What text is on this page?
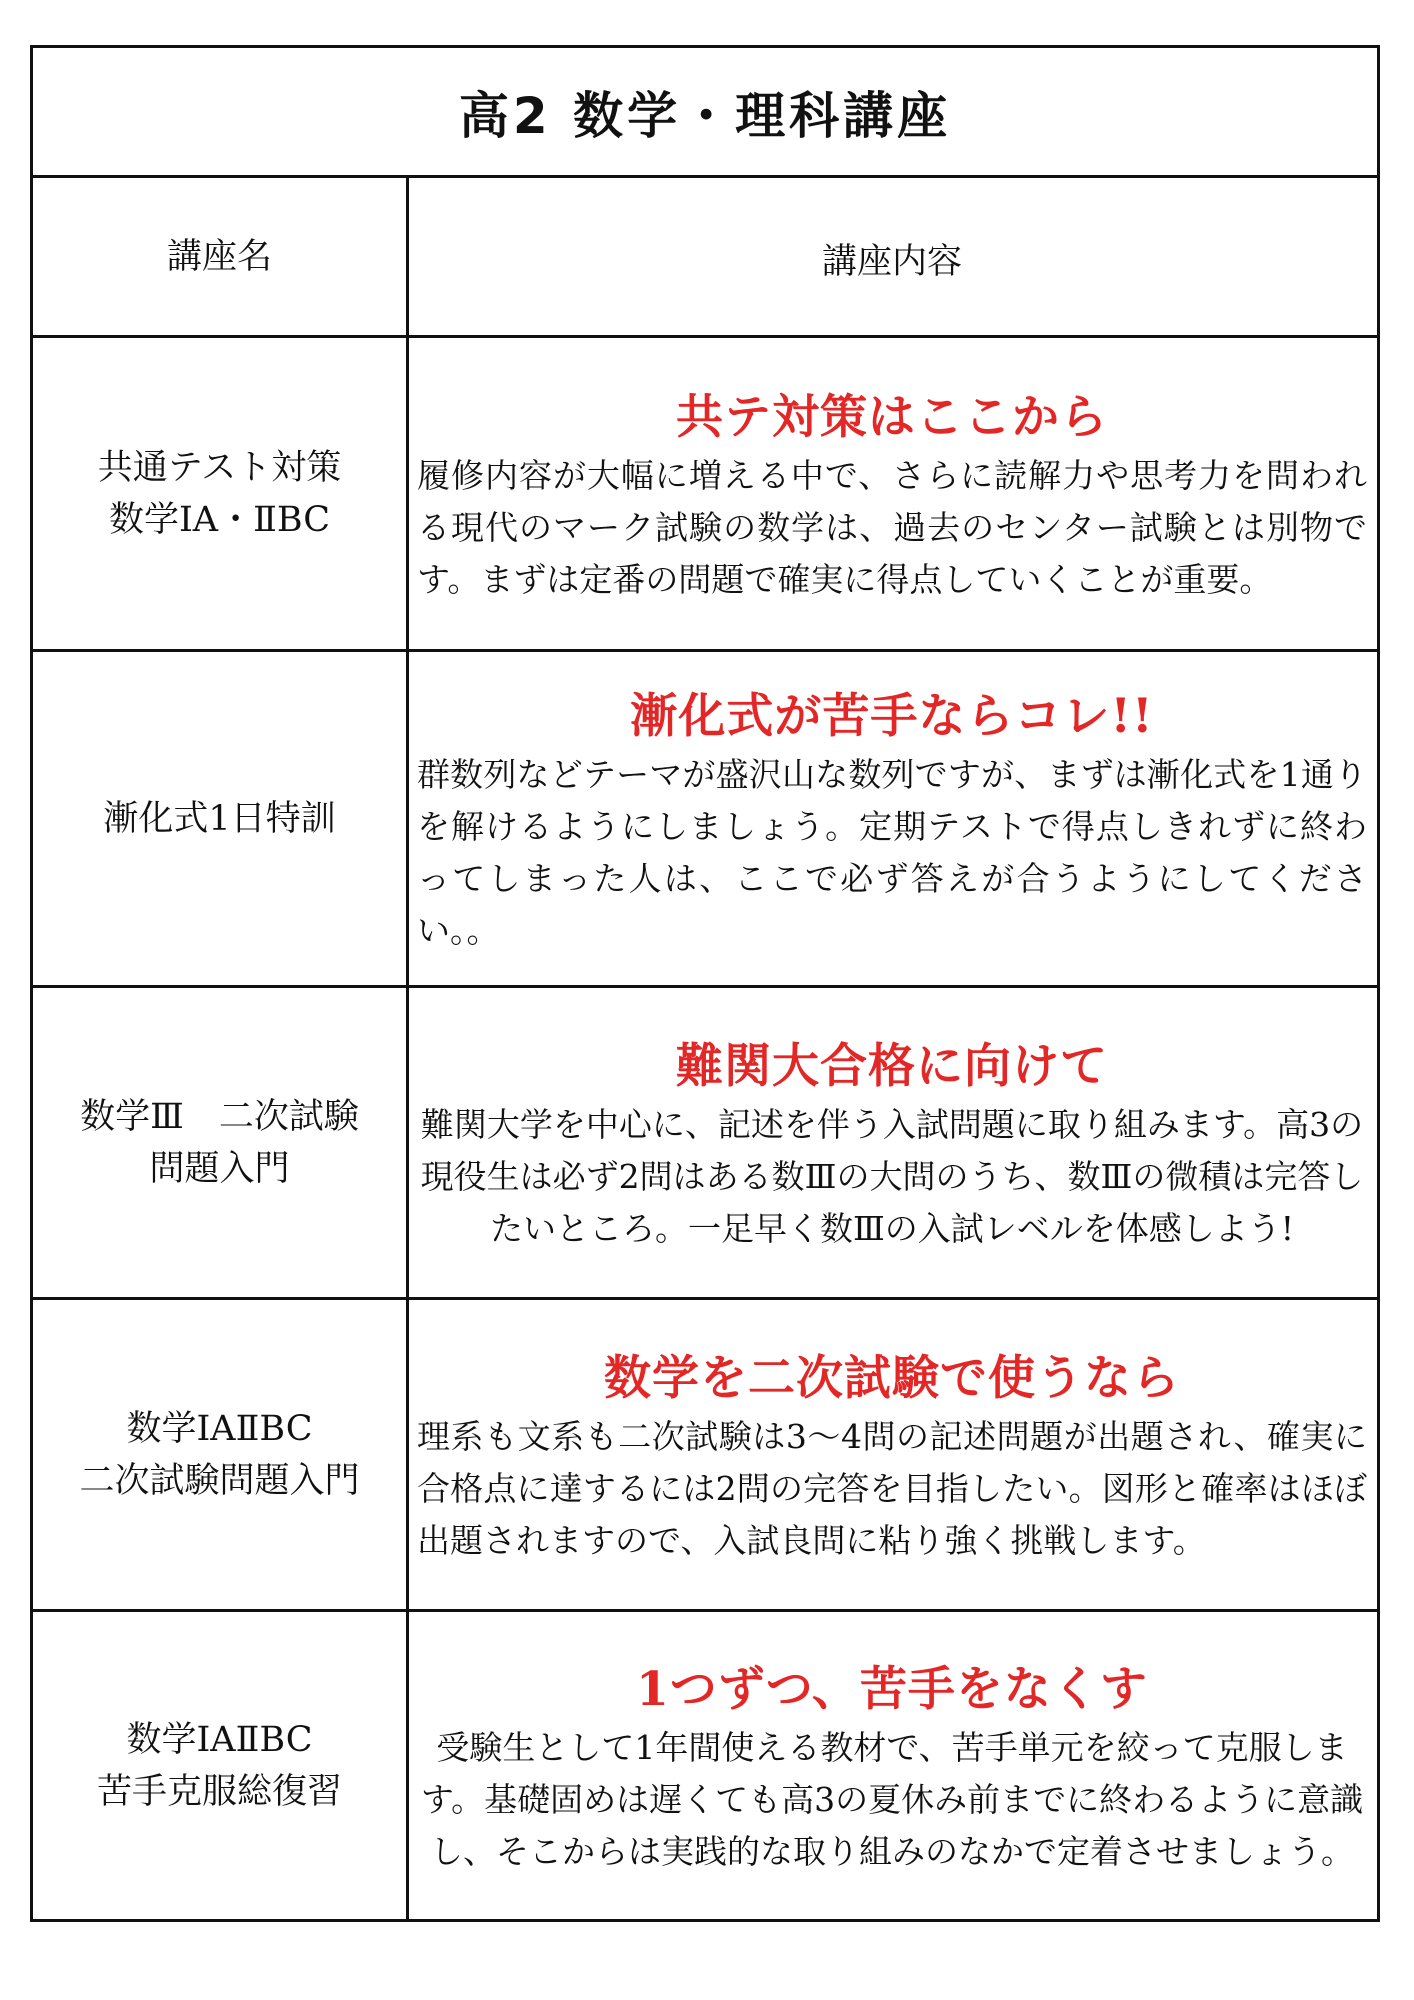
高2 数学・理科講座
講座名	講座内容
共通テスト対策
数学ⅠA・ⅡBC
共テ対策はここから
履修内容が大幅に増える中で、さらに読解力や思考力を問われる現代のマーク試験の数学は、過去のセンター試験とは別物です。まずは定番の問題で確実に得点していくことが重要。
漸化式1日特訓
漸化式が苦手ならコレ!!
群数列などテーマが盛沢山な数列ですが、まずは漸化式を1通りを解けるようにしましょう。定期テストで得点しきれずに終わってしまった人は、ここで必ず答えが合うようにしてください。。
数学Ⅲ　二次試験
問題入門
難関大合格に向けて
難関大学を中心に、記述を伴う入試問題に取り組みます。高3の現役生は必ず2問はある数Ⅲの大問のうち、数Ⅲの微積は完答したいところ。一足早く数Ⅲの入試レベルを体感しよう!
数学ⅠAⅡBC
二次試験問題入門
数学を二次試験で使うなら
理系も文系も二次試験は3～4問の記述問題が出題され、確実に合格点に達するには2問の完答を目指したい。図形と確率はほぼ出題されますので、入試良問に粘り強く挑戦します。
数学ⅠAⅡBC
苦手克服総復習
1つずつ、苦手をなくす
受験生として1年間使える教材で、苦手単元を絞って克服します。基礎固めは遅くても高3の夏休み前までに終わるように意識し、そこからは実践的な取り組みのなかで定着させましょう。
